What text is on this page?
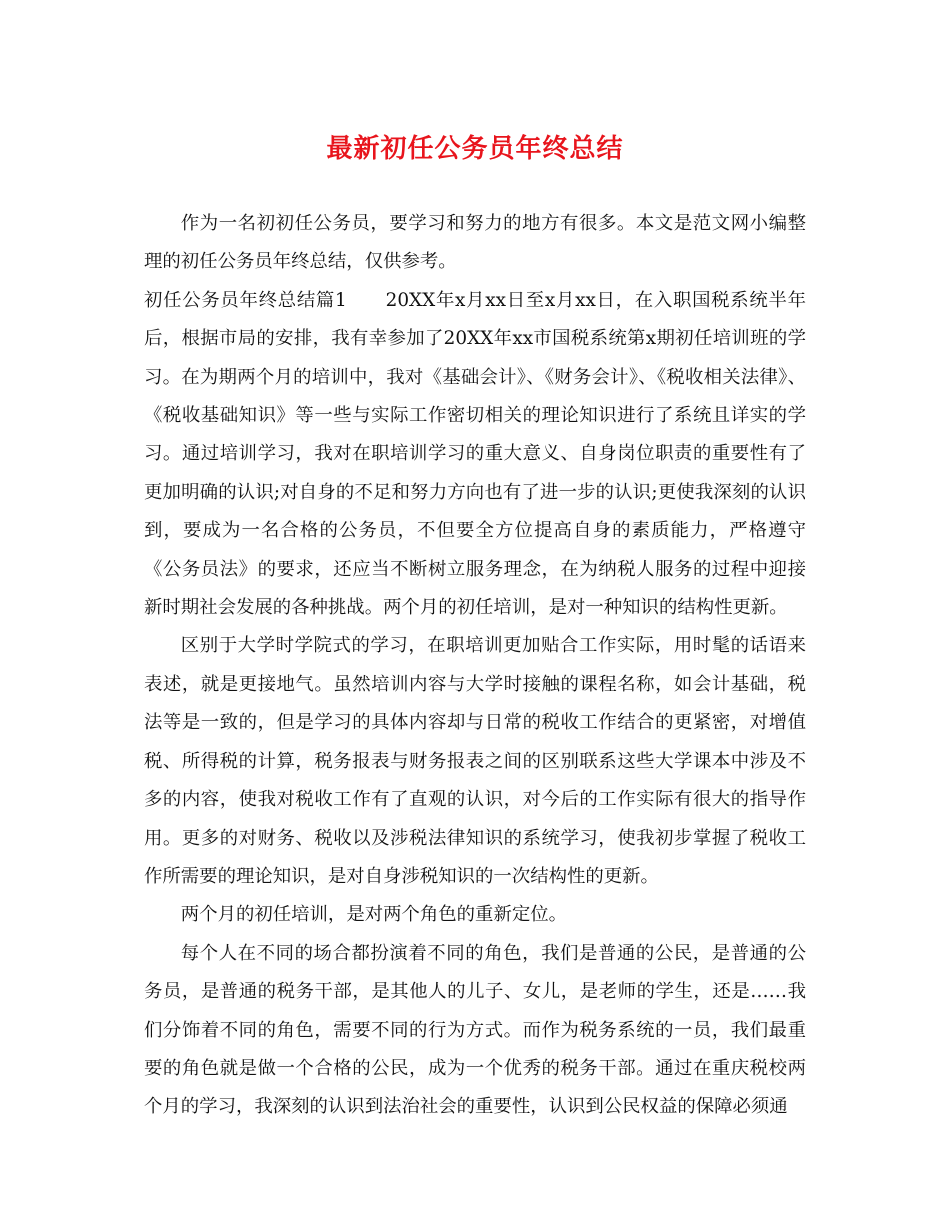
最新初任公务员年终总结

作为一名初初任公务员，要学习和努力的地方有很多。本文是范文网小编整理的初任公务员年终总结，仅供参考。

初任公务员年终总结篇1　　20XX年x月xx日至x月xx日，在入职国税系统半年后，根据市局的安排，我有幸参加了20XX年xx市国税系统第x期初任培训班的学习。在为期两个月的培训中，我对《基础会计》、《财务会计》、《税收相关法律》、《税收基础知识》等一些与实际工作密切相关的理论知识进行了系统且详实的学习。通过培训学习，我对在职培训学习的重大意义、自身岗位职责的重要性有了更加明确的认识;对自身的不足和努力方向也有了进一步的认识;更使我深刻的认识到，要成为一名合格的公务员，不但要全方位提高自身的素质能力，严格遵守《公务员法》的要求，还应当不断树立服务理念，在为纳税人服务的过程中迎接新时期社会发展的各种挑战。两个月的初任培训，是对一种知识的结构性更新。

区别于大学时学院式的学习，在职培训更加贴合工作实际，用时髦的话语来表述，就是更接地气。虽然培训内容与大学时接触的课程名称，如会计基础，税法等是一致的，但是学习的具体内容却与日常的税收工作结合的更紧密，对增值税、所得税的计算，税务报表与财务报表之间的区别联系这些大学课本中涉及不多的内容，使我对税收工作有了直观的认识，对今后的工作实际有很大的指导作用。更多的对财务、税收以及涉税法律知识的系统学习，使我初步掌握了税收工作所需要的理论知识，是对自身涉税知识的一次结构性的更新。

两个月的初任培训，是对两个角色的重新定位。

每个人在不同的场合都扮演着不同的角色，我们是普通的公民，是普通的公务员，是普通的税务干部，是其他人的儿子、女儿，是老师的学生，还是……我们分饰着不同的角色，需要不同的行为方式。而作为税务系统的一员，我们最重要的角色就是做一个合格的公民，成为一个优秀的税务干部。通过在重庆税校两个月的学习，我深刻的认识到法治社会的重要性，认识到公民权益的保障必须通
